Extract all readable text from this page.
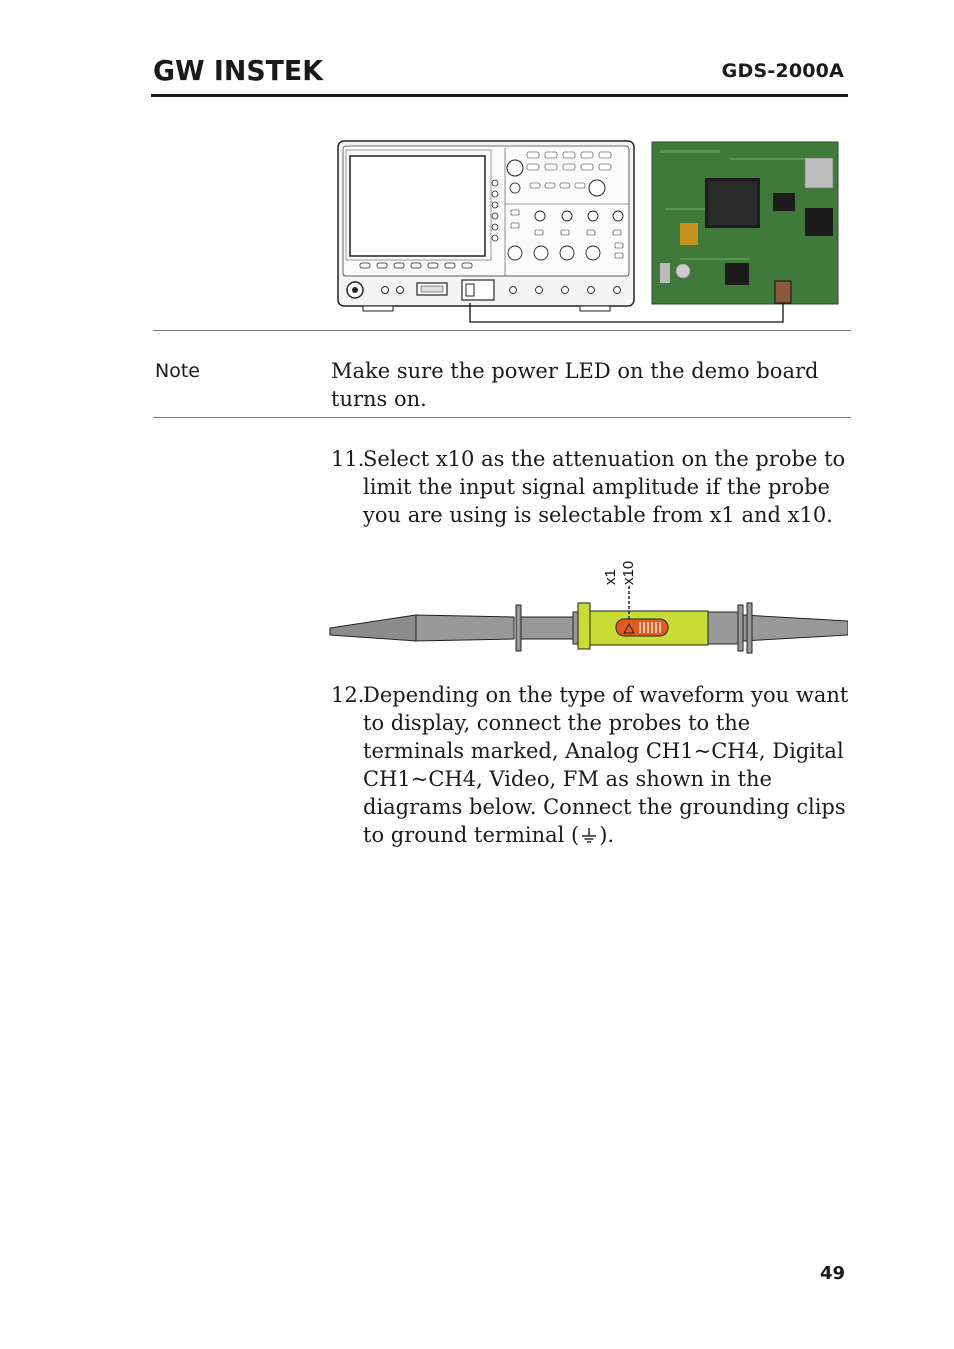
GW INSTEK	GDS-2000A
Note	Make sure the power LED on the demo board turns on.
11.
Select x10 as the attenuation on the probe to limit the input signal amplitude if the probe you are using is selectable from x1 and x10.
x1 x10
12.
Depending on the type of waveform you want to display, connect the probes to the terminals marked, Analog CH1~CH4, Digital CH1~CH4, Video, FM as shown in the diagrams below. Connect the grounding clips to ground terminal ( ).
49
